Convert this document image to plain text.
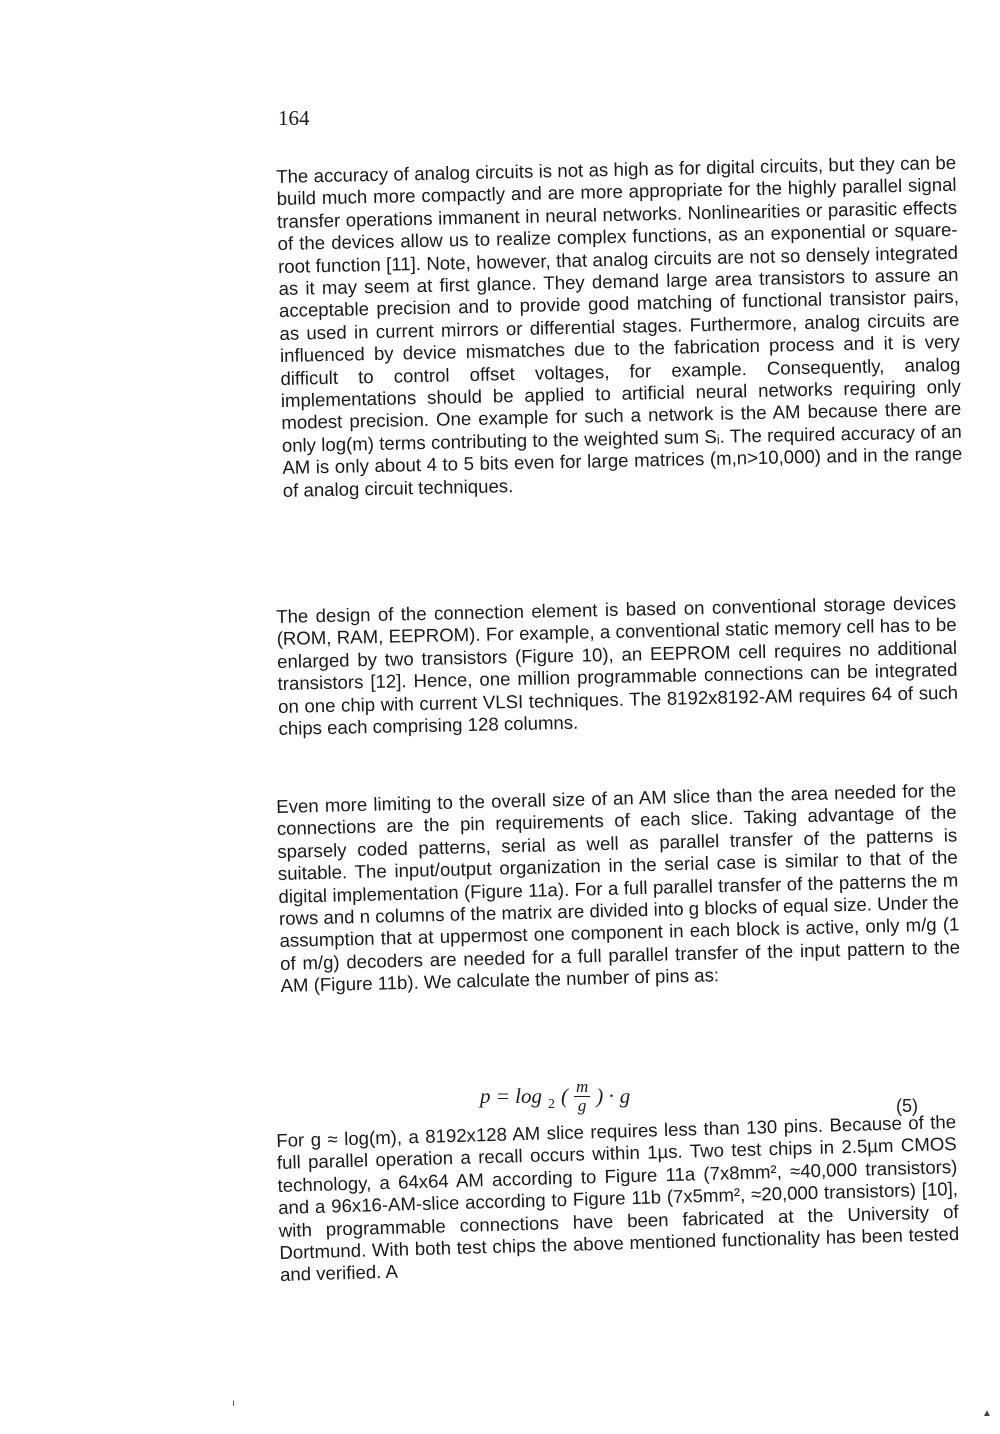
164

The accuracy of analog circuits is not as high as for digital circuits, but they can be build much more compactly and are more appropriate for the highly parallel signal transfer operations immanent in neural networks. Nonlinearities or parasitic effects of the devices allow us to realize complex functions, as an exponential or square-root function [11]. Note, however, that analog circuits are not so densely integrated as it may seem at first glance. They demand large area transistors to assure an acceptable precision and to provide good matching of functional transistor pairs, as used in current mirrors or differential stages. Furthermore, analog circuits are influenced by device mismatches due to the fabrication process and it is very difficult to control offset voltages, for example. Consequently, analog implementations should be applied to artificial neural networks requiring only modest precision. One example for such a network is the AM because there are only log(m) terms contributing to the weighted sum Sᵢ. The required accuracy of an AM is only about 4 to 5 bits even for large matrices (m,n>10,000) and in the range of analog circuit techniques.

The design of the connection element is based on conventional storage devices (ROM, RAM, EEPROM). For example, a conventional static memory cell has to be enlarged by two transistors (Figure 10), an EEPROM cell requires no additional transistors [12]. Hence, one million programmable connections can be integrated on one chip with current VLSI techniques. The 8192x8192-AM requires 64 of such chips each comprising 128 columns.

Even more limiting to the overall size of an AM slice than the area needed for the connections are the pin requirements of each slice. Taking advantage of the sparsely coded patterns, serial as well as parallel transfer of the patterns is suitable. The input/output organization in the serial case is similar to that of the digital implementation (Figure 11a). For a full parallel transfer of the patterns the m rows and n columns of the matrix are divided into g blocks of equal size. Under the assumption that at uppermost one component in each block is active, only m/g (1 of m/g) decoders are needed for a full parallel transfer of the input pattern to the AM (Figure 11b). We calculate the number of pins as:

p = log 2 ( $\frac{m}{g}$ ) · g	(5)

For g ≈ log(m), a 8192x128 AM slice requires less than 130 pins. Because of the full parallel operation a recall occurs within 1µs. Two test chips in 2.5µm CMOS technology, a 64x64 AM according to Figure 11a (7x8mm², ≈40,000 transistors) and a 96x16-AM-slice according to Figure 11b (7x5mm², ≈20,000 transistors) [10], with programmable connections have been fabricated at the University of Dortmund. With both test chips the above mentioned functionality has been tested and verified. A

ı
▲
